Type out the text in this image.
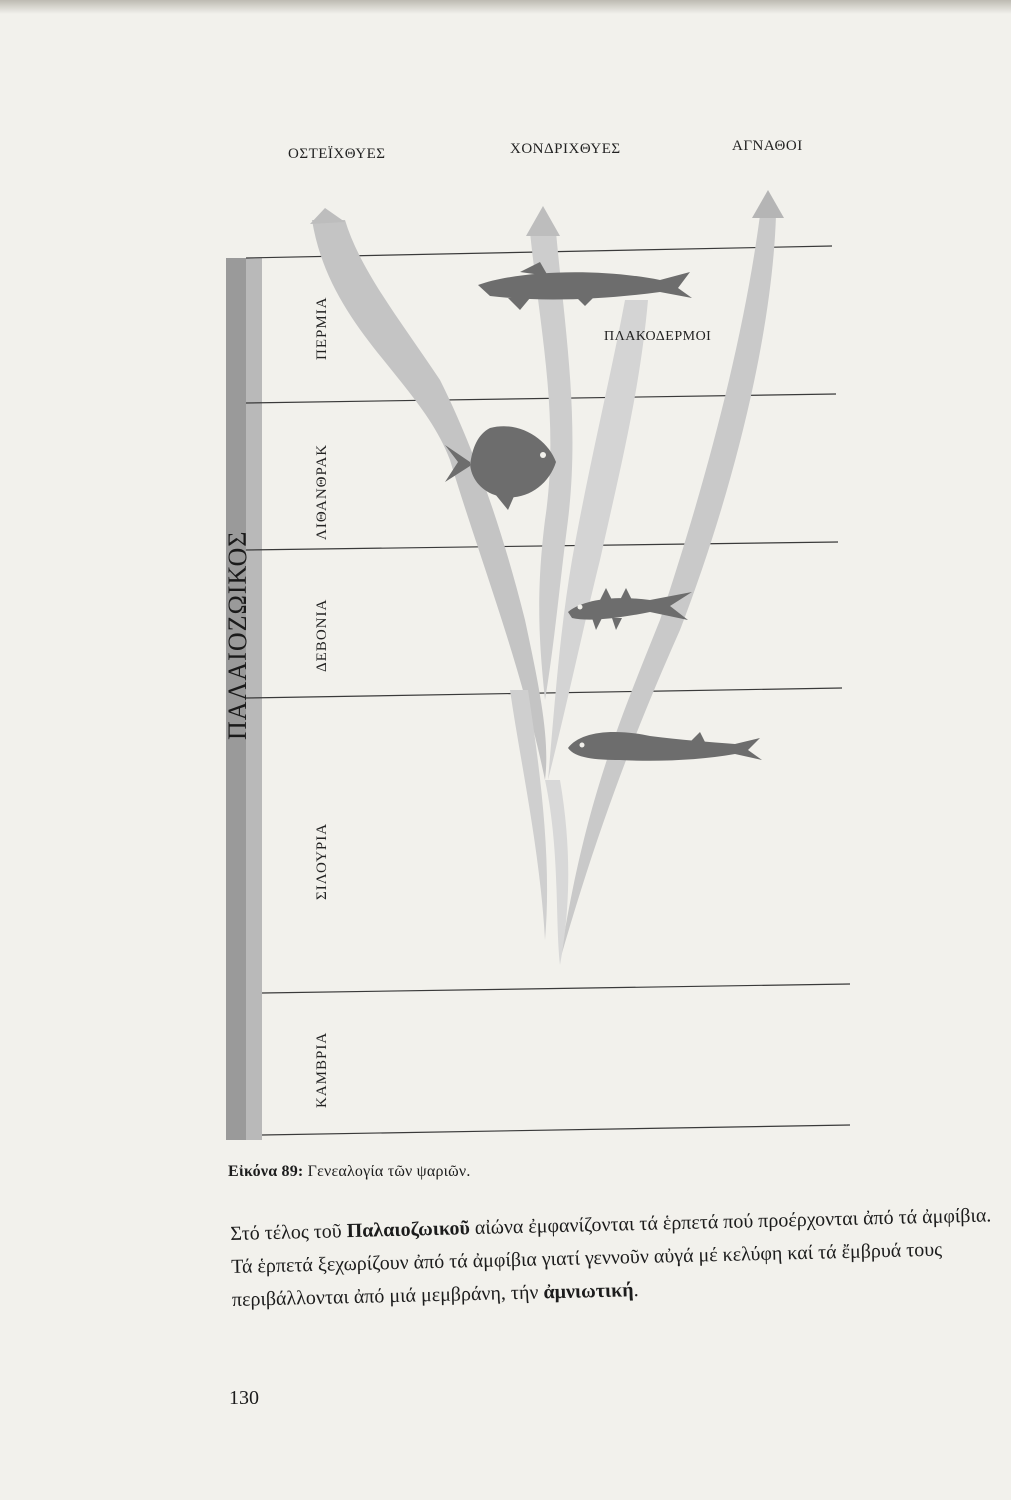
ΟΣΤΕΪΧΘΥΕΣ	ΧΟΝΔΡΙΧΘΥΕΣ	ΑΓΝΑΘΟΙ
ΠΛΑΚΟΔΕΡΜΟΙ
ΠΑΛΑΙΟΖΩΙΚΟΣ
ΠΕΡΜΙΑ
ΛΙΘΑΝΘΡΑΚ
ΔΕΒΟΝΙΑ
ΣΙΛΟΥΡΙΑ
ΚΑΜΒΡΙΑ
Εἰκόνα 89: Γενεαλογία τῶν ψαριῶν.

Στό τέλος τοῦ Παλαιοζωικοῦ αἰώνα ἐμφανίζονται τά ἑρπετά πού προέρχονται ἀπό τά ἀμφίβια. Τά ἑρπετά ξεχωρίζουν ἀπό τά ἀμφίβια γιατί γεννοῦν αὐγά μέ κελύφη καί τά ἔμβρυά τους περιβάλλονται ἀπό μιά μεμβράνη, τήν ἀμνιωτική.

130
